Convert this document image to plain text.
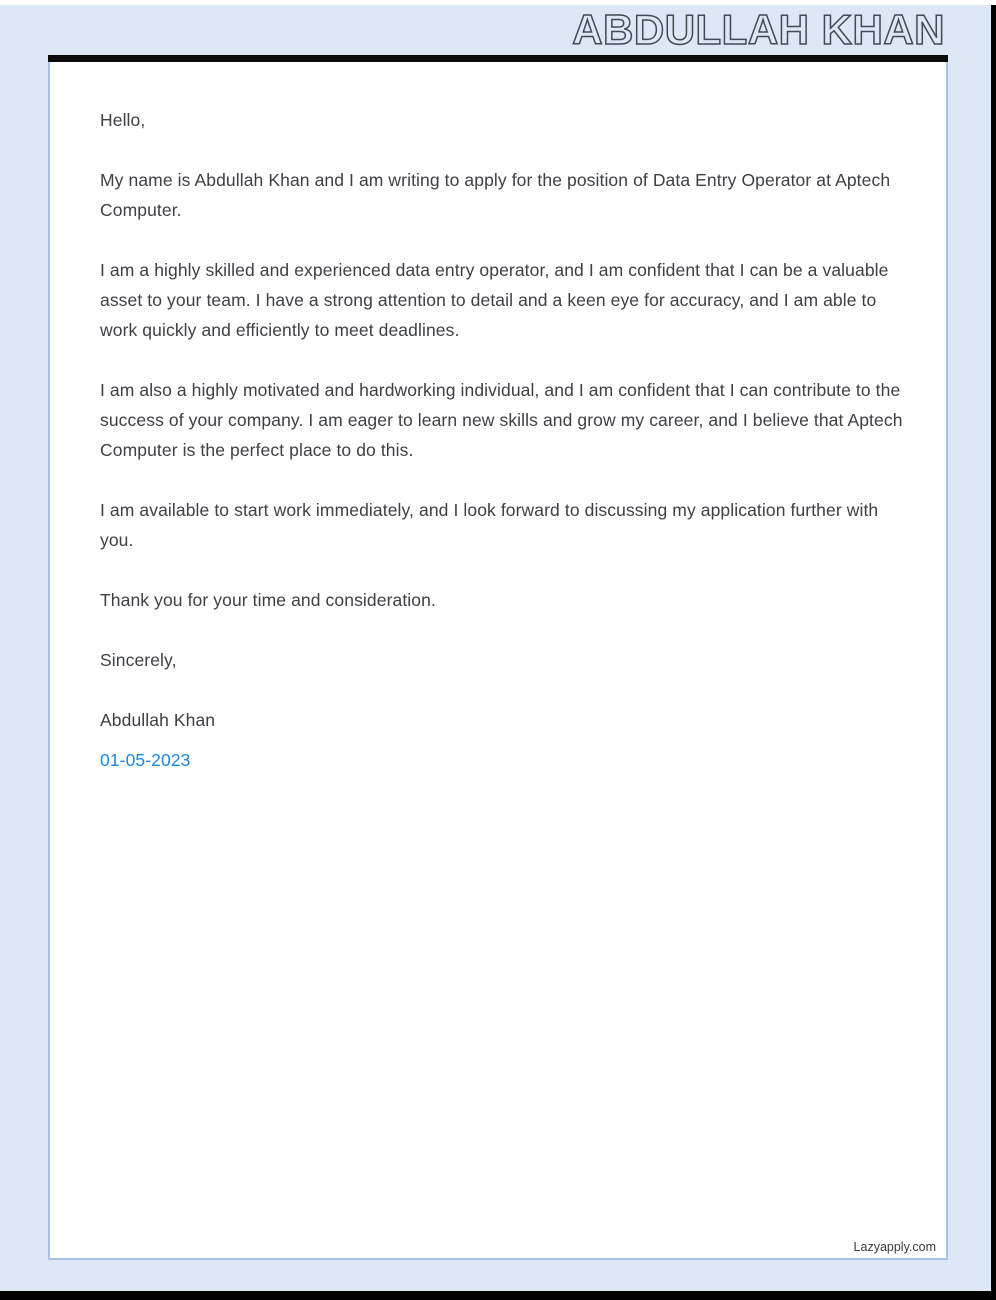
ABDULLAH KHAN

Hello,

My name is Abdullah Khan and I am writing to apply for the position of Data Entry Operator at Aptech Computer.

I am a highly skilled and experienced data entry operator, and I am confident that I can be a valuable asset to your team. I have a strong attention to detail and a keen eye for accuracy, and I am able to work quickly and efficiently to meet deadlines.

I am also a highly motivated and hardworking individual, and I am confident that I can contribute to the success of your company. I am eager to learn new skills and grow my career, and I believe that Aptech Computer is the perfect place to do this.

I am available to start work immediately, and I look forward to discussing my application further with you.

Thank you for your time and consideration.

Sincerely,

Abdullah Khan

01-05-2023

Lazyapply.com
